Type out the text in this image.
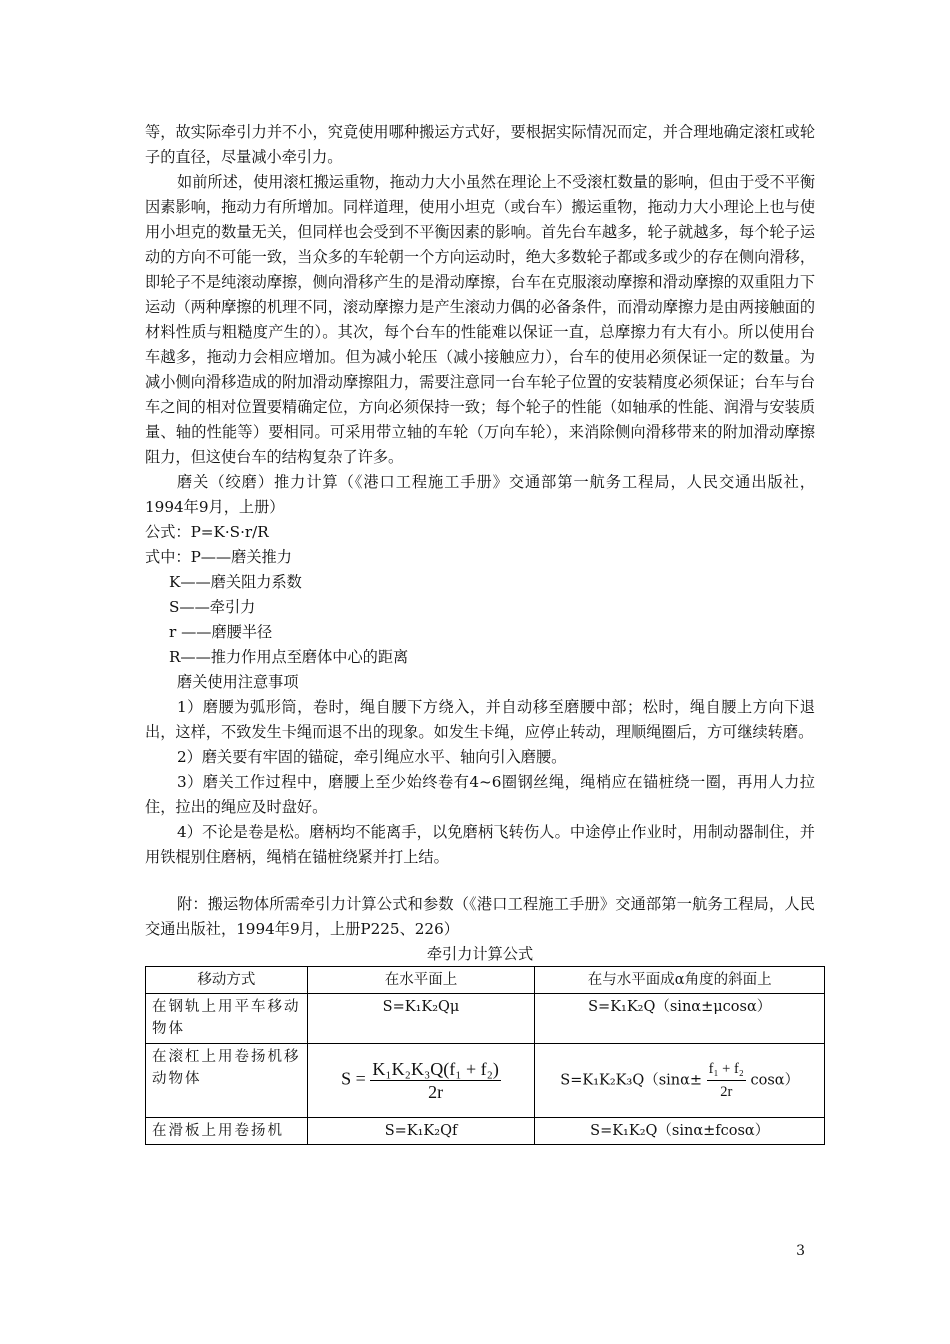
等，故实际牵引力并不小，究竟使用哪种搬运方式好，要根据实际情况而定，并合理地确定滚杠或轮子的直径，尽量减小牵引力。

如前所述，使用滚杠搬运重物，拖动力大小虽然在理论上不受滚杠数量的影响，但由于受不平衡因素影响，拖动力有所增加。同样道理，使用小坦克（或台车）搬运重物，拖动力大小理论上也与使用小坦克的数量无关，但同样也会受到不平衡因素的影响。首先台车越多，轮子就越多，每个轮子运动的方向不可能一致，当众多的车轮朝一个方向运动时，绝大多数轮子都或多或少的存在侧向滑移，即轮子不是纯滚动摩擦，侧向滑移产生的是滑动摩擦，台车在克服滚动摩擦和滑动摩擦的双重阻力下运动（两种摩擦的机理不同，滚动摩擦力是产生滚动力偶的必备条件，而滑动摩擦力是由两接触面的材料性质与粗糙度产生的）。其次，每个台车的性能难以保证一直，总摩擦力有大有小。所以使用台车越多，拖动力会相应增加。但为减小轮压（减小接触应力），台车的使用必须保证一定的数量。为减小侧向滑移造成的附加滑动摩擦阻力，需要注意同一台车轮子位置的安装精度必须保证；台车与台车之间的相对位置要精确定位，方向必须保持一致；每个轮子的性能（如轴承的性能、润滑与安装质量、轴的性能等）要相同。可采用带立轴的车轮（万向车轮），来消除侧向滑移带来的附加滑动摩擦阻力，但这使台车的结构复杂了许多。

磨关（绞磨）推力计算（《港口工程施工手册》交通部第一航务工程局，人民交通出版社，1994年9月，上册）

公式：P=K·S·r/R

式中：P——磨关推力

K——磨关阻力系数

S——牵引力

r ——磨腰半径

R——推力作用点至磨体中心的距离

磨关使用注意事项

1）磨腰为弧形筒，卷时，绳自腰下方绕入，并自动移至磨腰中部；松时，绳自腰上方向下退出，这样，不致发生卡绳而退不出的现象。如发生卡绳，应停止转动，理顺绳圈后，方可继续转磨。

2）磨关要有牢固的锚碇，牵引绳应水平、轴向引入磨腰。

3）磨关工作过程中，磨腰上至少始终卷有4~6圈钢丝绳，绳梢应在锚桩绕一圈，再用人力拉住，拉出的绳应及时盘好。

4）不论是卷是松。磨柄均不能离手，以免磨柄飞转伤人。中途停止作业时，用制动器制住，并用铁棍别住磨柄，绳梢在锚桩绕紧并打上结。

附：搬运物体所需牵引力计算公式和参数（《港口工程施工手册》交通部第一航务工程局，人民交通出版社，1994年9月，上册P225、226）

牵引力计算公式
移动方式	在水平面上	在与水平面成α角度的斜面上
在钢轨上用平车移动物体	S=K₁K₂Qμ	S=K₁K₂Q（sinα±μcosα）
在滚杠上用卷扬机移动物体	$S = \frac{\text{K₁K₂K₃Q(f₁ + f₂)}}{2r}$	$S=K_1K_2K_3Q(\sin\alpha\pm \frac{\text{f₁ + f₂}}{2r} \cos\alpha)$
在滑板上用卷扬机	S=K₁K₂Qf	S=K₁K₂Q（sinα±fcosα）
3
